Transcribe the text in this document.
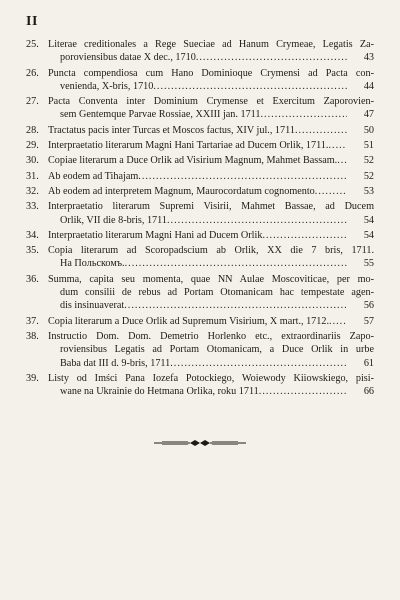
II
25. Literae creditionales a Rege Sueciae ad Hanum Crymeae, Legatis Za-
poroviensibus datae X dec., 1710 .....	43
26. Puncta compendiosa cum Hano Dominioque Crymensi ad Pacta con-
venienda, X-bris, 1710 .....	44
27. Pacta Conventa inter Dominium Crymense et Exercitum Zaporovien-
sem Gentemque Parvae Rossiae, XXIII jan. 1711 .....	47
28. Tractatus pacis inter Turcas et Moscos factus, XIV jul., 1711 .....	50
29. Interpraetatio literarum Magni Hani Tartariae ad Ducem Orlik, 1711. .....	51
30. Copiae literarum a Duce Orlik ad Visirium Magnum, Mahmet Bassam. .....	52
31. Ab eodem ad Tihajam .....	52
32. Ab eodem ad interpretem Magnum, Maurocordatum cognomento .....	53
33. Interpraetatio literarum Supremi Visirii, Mahmet Bassae, ad Ducem
Orlik, VII die 8-bris, 1711 .....	54
34. Interpraetatio literarum Magni Hani ad Ducem Orlik .....	54
35. Copia literarum ad Scoropadscium ab Orlik, XX die 7 bris, 1711.
На Польскомъ. .....	55
36. Summa, capita seu momenta, quae NN Aulae Moscoviticae, per mo-
dum consilii de rebus ad Portam Otomanicam hac tempestate agen-
dis insinuaverat .....	56
37. Copia literarum a Duce Orlik ad Supremum Visirium, X mart., 1712. .....	57
38. Instructio Dom. Dom. Demetrio Horlenko etc., extraordinariis Zapo-
roviensibus Legatis ad Portam Otomanicam, a Duce Orlik in urbe
Baba dat III d. 9-bris, 1711 .....	61
39. Listy od Imści Pana Iozefa Potockiego, Woiewody Kiiowskiego, pisi-
wane na Ukrainie do Hetmana Orlika, roku 1711 .....	66
